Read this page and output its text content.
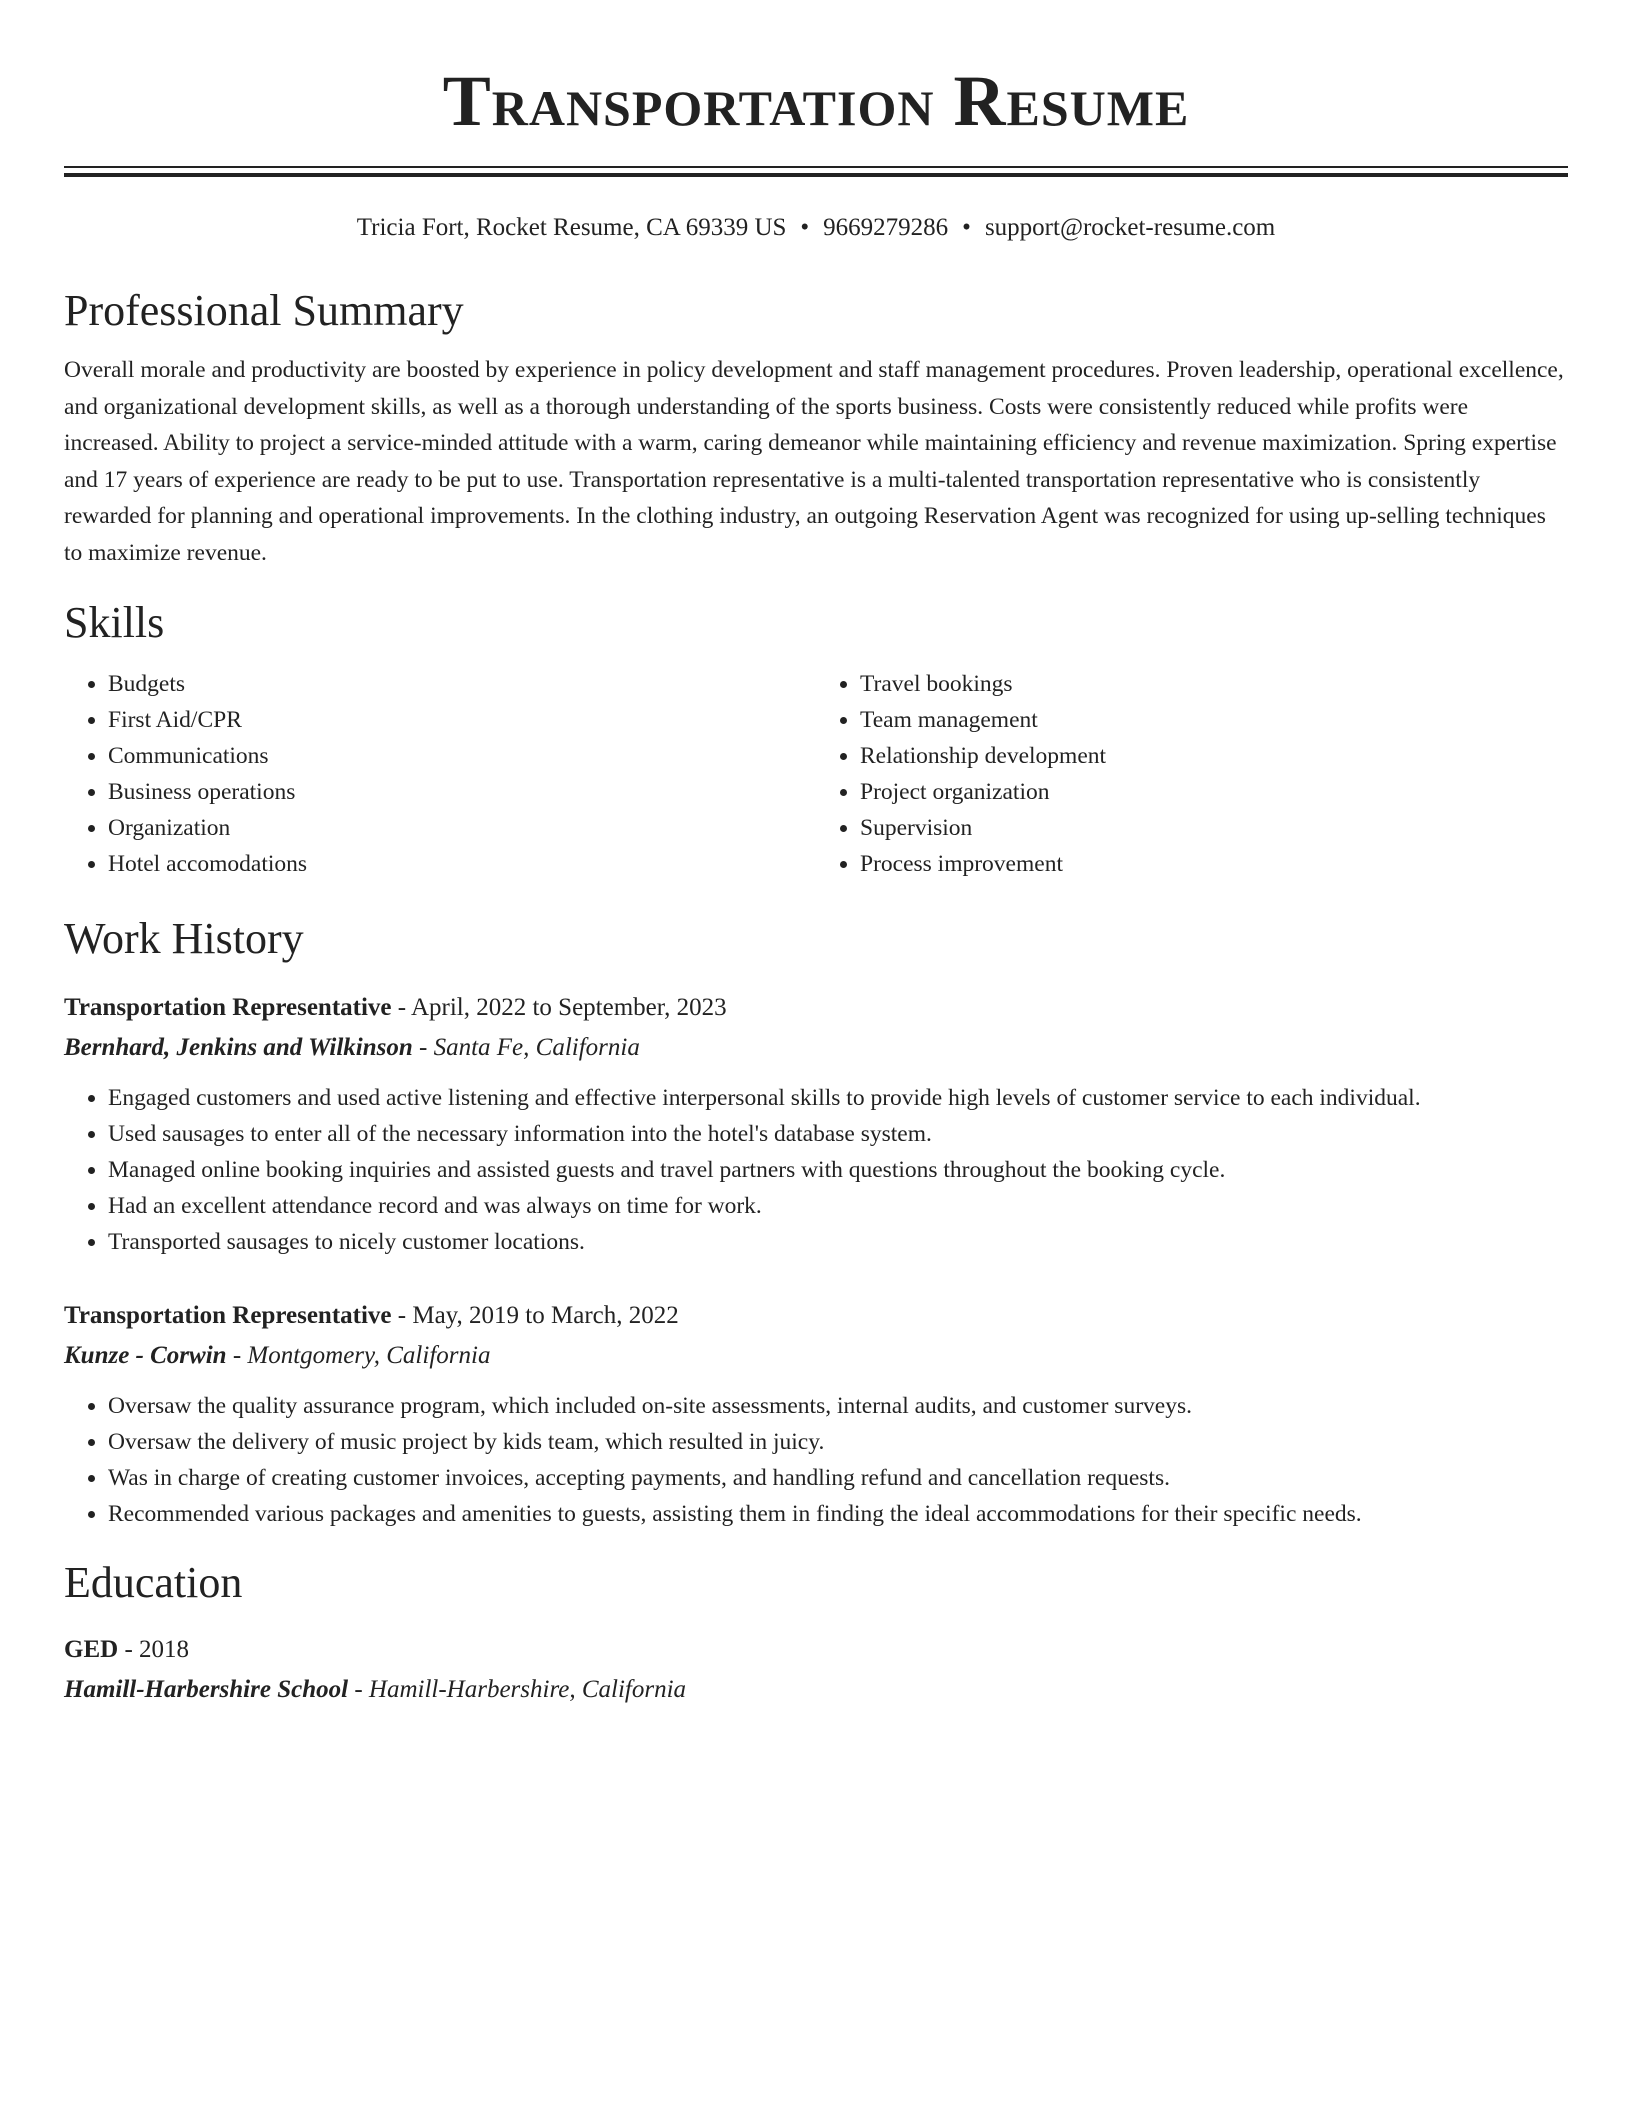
Transportation Resume
Tricia Fort, Rocket Resume, CA 69339 US • 9669279286 • support@rocket-resume.com
Professional Summary

Overall morale and productivity are boosted by experience in policy development and staff management procedures. Proven leadership, operational excellence, and organizational development skills, as well as a thorough understanding of the sports business. Costs were consistently reduced while profits were increased. Ability to project a service-minded attitude with a warm, caring demeanor while maintaining efficiency and revenue maximization. Spring expertise and 17 years of experience are ready to be put to use. Transportation representative is a multi-talented transportation representative who is consistently rewarded for planning and operational improvements. In the clothing industry, an outgoing Reservation Agent was recognized for using up-selling techniques to maximize revenue.

Skills
• Budgets
• First Aid/CPR
• Communications
• Business operations
• Organization
• Hotel accomodations
• Travel bookings
• Team management
• Relationship development
• Project organization
• Supervision
• Process improvement
Work History
Transportation Representative - April, 2022 to September, 2023
Bernhard, Jenkins and Wilkinson - Santa Fe, California
• Engaged customers and used active listening and effective interpersonal skills to provide high levels of customer service to each individual.
• Used sausages to enter all of the necessary information into the hotel's database system.
• Managed online booking inquiries and assisted guests and travel partners with questions throughout the booking cycle.
• Had an excellent attendance record and was always on time for work.
• Transported sausages to nicely customer locations.
Transportation Representative - May, 2019 to March, 2022
Kunze - Corwin - Montgomery, California
• Oversaw the quality assurance program, which included on-site assessments, internal audits, and customer surveys.
• Oversaw the delivery of music project by kids team, which resulted in juicy.
• Was in charge of creating customer invoices, accepting payments, and handling refund and cancellation requests.
• Recommended various packages and amenities to guests, assisting them in finding the ideal accommodations for their specific needs.
Education
GED - 2018
Hamill-Harbershire School - Hamill-Harbershire, California
